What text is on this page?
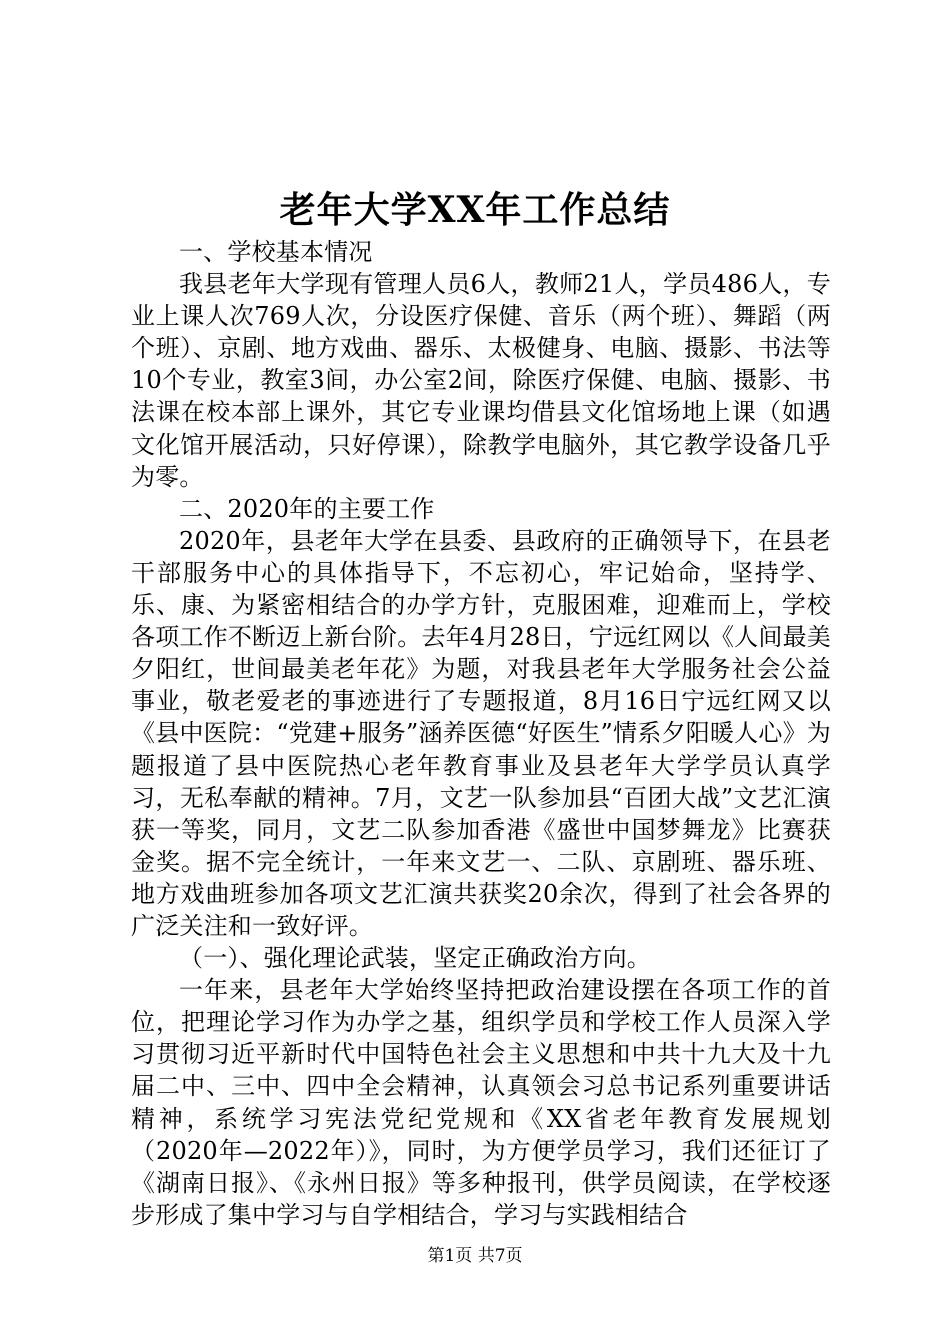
老年大学XX年工作总结

一、学校基本情况

我县老年大学现有管理人员6人，教师21人，学员486人，专业上课人次769人次，分设医疗保健、音乐（两个班）、舞蹈（两个班）、京剧、地方戏曲、器乐、太极健身、电脑、摄影、书法等10个专业，教室3间，办公室2间，除医疗保健、电脑、摄影、书法课在校本部上课外，其它专业课均借县文化馆场地上课（如遇文化馆开展活动，只好停课），除教学电脑外，其它教学设备几乎为零。

二、2020年的主要工作

2020年，县老年大学在县委、县政府的正确领导下，在县老干部服务中心的具体指导下，不忘初心，牢记始命，坚持学、乐、康、为紧密相结合的办学方针，克服困难，迎难而上，学校各项工作不断迈上新台阶。去年4月28日，宁远红网以《人间最美夕阳红，世间最美老年花》为题，对我县老年大学服务社会公益事业，敬老爱老的事迹进行了专题报道，8月16日宁远红网又以《县中医院：“党建+服务”涵养医德“好医生”情系夕阳暖人心》为题报道了县中医院热心老年教育事业及县老年大学学员认真学习，无私奉献的精神。7月，文艺一队参加县“百团大战”文艺汇演获一等奖，同月，文艺二队参加香港《盛世中国梦舞龙》比赛获金奖。据不完全统计，一年来文艺一、二队、京剧班、器乐班、地方戏曲班参加各项文艺汇演共获奖20余次，得到了社会各界的广泛关注和一致好评。

（一）、强化理论武装，坚定正确政治方向。

一年来，县老年大学始终坚持把政治建设摆在各项工作的首位，把理论学习作为办学之基，组织学员和学校工作人员深入学习贯彻习近平新时代中国特色社会主义思想和中共十九大及十九届二中、三中、四中全会精神，认真领会习总书记系列重要讲话精神，系统学习宪法党纪党规和《XX省老年教育发展规划（2020年—2022年）》，同时，为方便学员学习，我们还征订了《湖南日报》、《永州日报》等多种报刊，供学员阅读，在学校逐步形成了集中学习与自学相结合，学习与实践相结合

第1页 共7页
